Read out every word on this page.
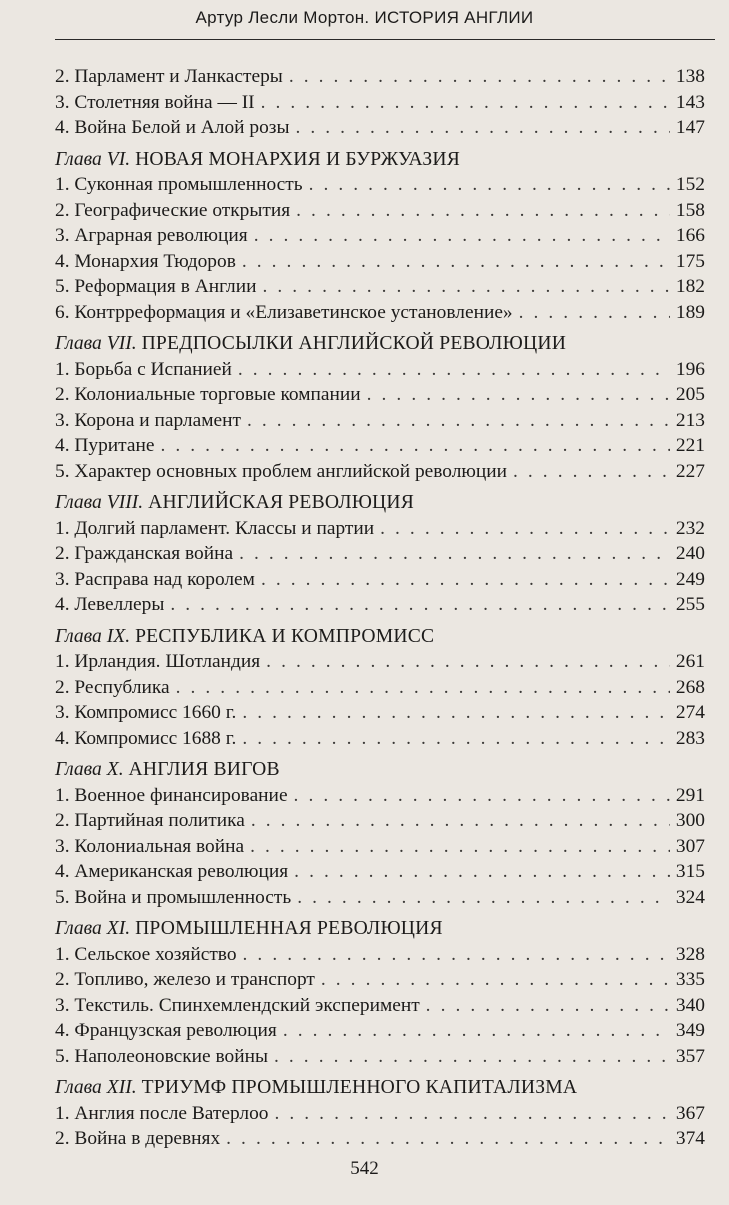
Артур Лесли Мортон. ИСТОРИЯ АНГЛИИ
2. Парламент и Ланкастеры . . .	138
3. Столетняя война — II . . .	143
4. Война Белой и Алой розы . . .	147
Глава VI. НОВАЯ МОНАРХИЯ И БУРЖУАЗИЯ
1. Суконная промышленность . . .	152
2. Географические открытия . . .	158
3. Аграрная революция . . .	166
4. Монархия Тюдоров . . .	175
5. Реформация в Англии . . .	182
6. Контрреформация и «Елизаветинское установление» . . .	189
Глава VII. ПРЕДПОСЫЛКИ АНГЛИЙСКОЙ РЕВОЛЮЦИИ
1. Борьба с Испанией . . .	196
2. Колониальные торговые компании . . .	205
3. Корона и парламент . . .	213
4. Пуритане . . .	221
5. Характер основных проблем английской революции . . .	227
Глава VIII. АНГЛИЙСКАЯ РЕВОЛЮЦИЯ
1. Долгий парламент. Классы и партии . . .	232
2. Гражданская война . . .	240
3. Расправа над королем . . .	249
4. Левеллеры . . .	255
Глава IX. РЕСПУБЛИКА И КОМПРОМИСС
1. Ирландия. Шотландия . . .	261
2. Республика . . .	268
3. Компромисс 1660 г. . . .	274
4. Компромисс 1688 г. . . .	283
Глава X. АНГЛИЯ ВИГОВ
1. Военное финансирование . . .	291
2. Партийная политика . . .	300
3. Колониальная война . . .	307
4. Американская революция . . .	315
5. Война и промышленность . . .	324
Глава XI. ПРОМЫШЛЕННАЯ РЕВОЛЮЦИЯ
1. Сельское хозяйство . . .	328
2. Топливо, железо и транспорт . . .	335
3. Текстиль. Спинхемлендский эксперимент . . .	340
4. Французская революция . . .	349
5. Наполеоновские войны . . .	357
Глава XII. ТРИУМФ ПРОМЫШЛЕННОГО КАПИТАЛИЗМА
1. Англия после Ватерлоо . . .	367
2. Война в деревнях . . .	374
542
